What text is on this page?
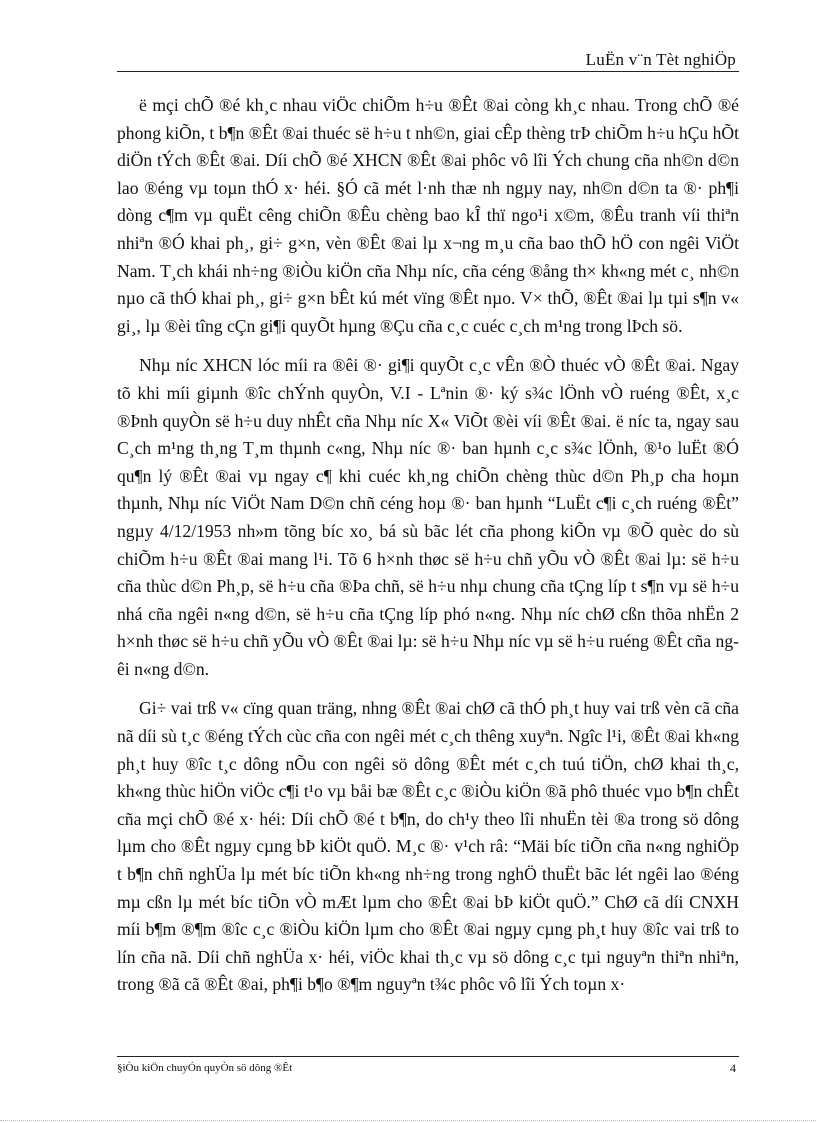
LuËn v¨n Tèt nghiÖp

ë mçi chÕ ®é kh¸c nhau viÖc chiÕm h÷u ®Êt ®ai còng kh¸c nhau. Trong chÕ ®é phong kiÕn, t b¶n ®Êt ®ai thuéc së h÷u t nh©n, giai cÊp thèng trÞ chiÕm h÷u hÇu hÕt diÖn tÝch ®Êt ®ai. Díi chÕ ®é XHCN ®Êt ®ai phôc vô lîi Ých chung cña nh©n d©n lao ®éng vµ toµn thÓ x· héi. §Ó cã mét l·nh thæ nh ngµy nay, nh©n d©n ta ®· ph¶i dòng c¶m vµ quËt cêng chiÕn ®Êu chèng bao kÎ thï ngo¹i x©m, ®Êu tranh víi thiªn nhiªn ®Ó khai ph¸, gi÷ g×n, vèn ®Êt ®ai lµ x¬ng m¸u cña bao thÕ hÖ con ngêi ViÖt Nam. T¸ch khái nh÷ng ®iÒu kiÖn cña Nhµ níc, cña céng ®ång th× kh«ng mét c¸ nh©n nµo cã thÓ khai ph¸, gi÷ g×n bÊt kú mét vïng ®Êt nµo. V× thÕ, ®Êt ®ai lµ tµi s¶n v« gi¸, lµ ®èi tîng cÇn gi¶i quyÕt hµng ®Çu cña c¸c cuéc c¸ch m¹ng trong lÞch sö.

Nhµ níc XHCN lóc míi ra ®êi ®· gi¶i quyÕt c¸c vÊn ®Ò thuéc vÒ ®Êt ®ai. Ngay tõ khi míi giµnh ®îc chÝnh quyÒn, V.I - Lªnin ®· ký s¾c lÖnh vÒ ruéng ®Êt, x¸c ®Þnh quyÒn së h÷u duy nhÊt cña Nhµ níc X« ViÕt ®èi víi ®Êt ®ai. ë níc ta, ngay sau C¸ch m¹ng th¸ng T¸m thµnh c«ng, Nhµ níc ®· ban hµnh c¸c s¾c lÖnh, ®¹o luËt ®Ó qu¶n lý ®Êt ®ai vµ ngay c¶ khi cuéc kh¸ng chiÕn chèng thùc d©n Ph¸p cha hoµn thµnh, Nhµ níc ViÖt Nam D©n chñ céng hoµ ®· ban hµnh “LuËt c¶i c¸ch ruéng ®Êt” ngµy 4/12/1953 nh»m tõng bíc xo¸ bá sù bãc lét cña phong kiÕn vµ ®Õ quèc do sù chiÕm h÷u ®Êt ®ai mang l¹i. Tõ 6 h×nh thøc së h÷u chñ yÕu vÒ ®Êt ®ai lµ: së h÷u cña thùc d©n Ph¸p, së h÷u cña ®Þa chñ, së h÷u nhµ chung cña tÇng líp t s¶n vµ së h÷u nhá cña ngêi n«ng d©n, së h÷u cña tÇng líp phó n«ng. Nhµ níc chØ cßn thõa nhËn 2 h×nh thøc së h÷u chñ yÕu vÒ ®Êt ®ai lµ: së h÷u Nhµ níc vµ së h÷u ruéng ®Êt cña ngêi n«ng d©n.

Gi÷ vai trß v« cïng quan träng, nhng ®Êt ®ai chØ cã thÓ ph¸t huy vai trß vèn cã cña nã díi sù t¸c ®éng tÝch cùc cña con ngêi mét c¸ch thêng xuyªn. Ngîc l¹i, ®Êt ®ai kh«ng ph¸t huy ®îc t¸c dông nÕu con ngêi sö dông ®Êt mét c¸ch tuú tiÖn, chØ khai th¸c, kh«ng thùc hiÖn viÖc c¶i t¹o vµ båi bæ ®Êt c¸c ®iÒu kiÖn ®ã phô thuéc vµo b¶n chÊt cña mçi chÕ ®é x· héi: Díi chÕ ®é t b¶n, do ch¹y theo lîi nhuËn tèi ®a trong sö dông lµm cho ®Êt ngµy cµng bÞ kiÖt quÖ. M¸c ®· v¹ch râ: “Mäi bíc tiÕn cña n«ng nghiÖp t b¶n chñ nghÜa lµ mét bíc tiÕn kh«ng nh÷ng trong nghÖ thuËt bãc lét ngêi lao ®éng mµ cßn lµ mét bíc tiÕn vÒ mÆt lµm cho ®Êt ®ai bÞ kiÖt quÖ.” ChØ cã díi CNXH míi b¶m ®¶m ®îc c¸c ®iÒu kiÖn lµm cho ®Êt ®ai ngµy cµng ph¸t huy ®îc vai trß to lín cña nã. Díi chñ nghÜa x· héi, viÖc khai th¸c vµ sö dông c¸c tµi nguyªn thiªn nhiªn, trong ®ã cã ®Êt ®ai, ph¶i b¶o ®¶m nguyªn t¾c phôc vô lîi Ých toµn x·

§iÒu kiÖn chuyÓn quyÒn sö dông ®Êt	4
